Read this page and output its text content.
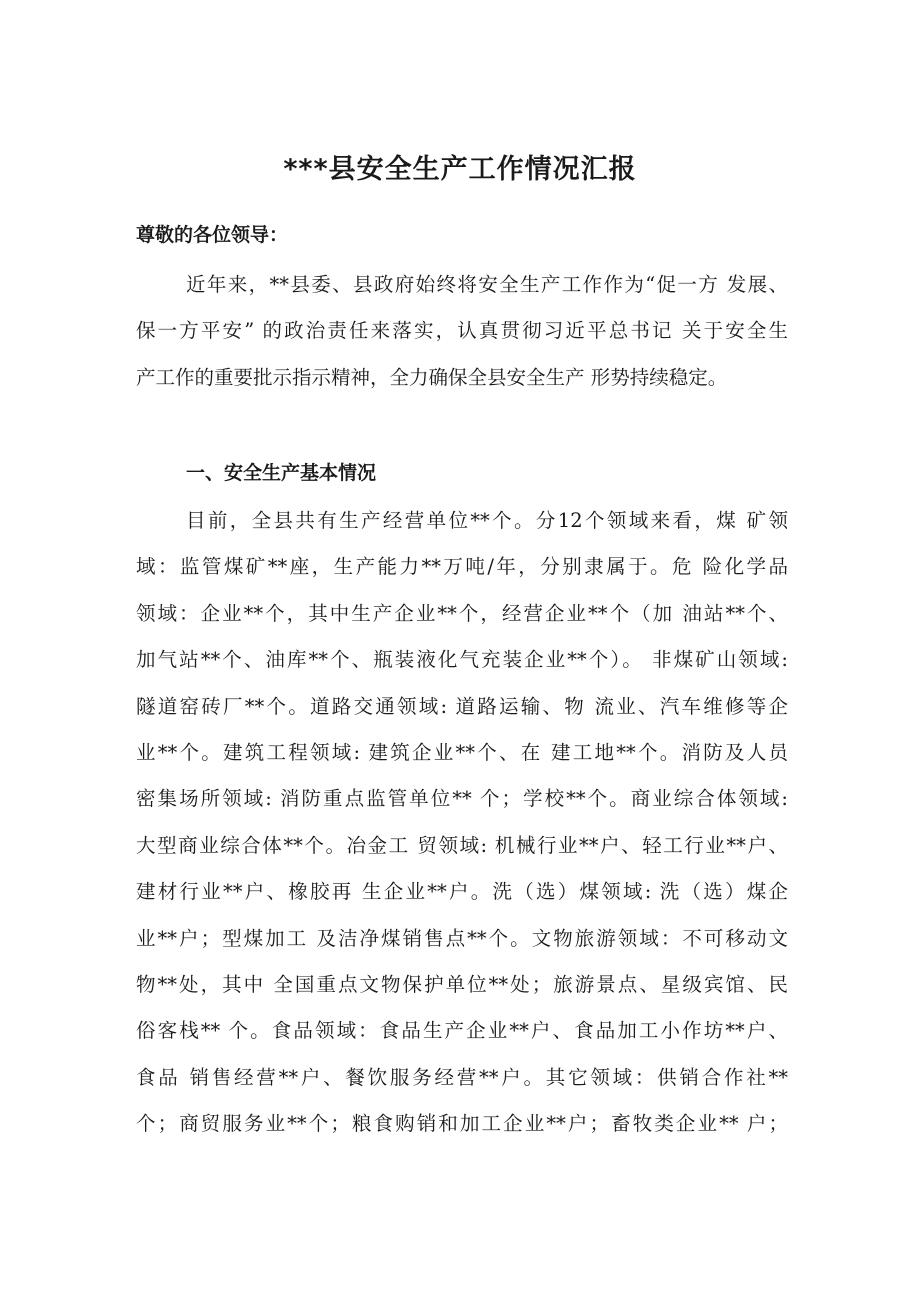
***县安全生产工作情况汇报
尊敬的各位领导：
近年来，**县委、县政府始终将安全生产工作作为“促一方 发展、
保一方平安” 的政治责任来落实，认真贯彻习近平总书记 关于安全生
产工作的重要批示指示精神，全力确保全县安全生产 形势持续稳定。
一、安全生产基本情况
目前，全县共有生产经营单位**个。分12个领域来看，煤 矿领
域：监管煤矿**座，生产能力**万吨/年，分别隶属于。危 险化学品
领域：企业**个，其中生产企业**个，经营企业**个（加 油站**个、
加气站**个、油库**个、瓶装液化气充装企业**个）。 非煤矿山领域:
隧道窑砖厂**个。道路交通领域: 道路运输、物 流业、汽车维修等企
业**个。建筑工程领域: 建筑企业**个、在 建工地**个。消防及人员
密集场所领域: 消防重点监管单位** 个；学校**个。商业综合体领域:
大型商业综合体**个。冶金工 贸领域: 机械行业**户、轻工行业**户、
建材行业**户、橡胶再 生企业**户。洗（选）煤领域: 洗（选）煤企
业**户；型煤加工 及洁净煤销售点**个。文物旅游领域：不可移动文
物**处，其中 全国重点文物保护单位**处；旅游景点、星级宾馆、民
俗客栈** 个。食品领域：食品生产企业**户、食品加工小作坊**户、
食品 销售经营**户、餐饮服务经营**户。其它领域：供销合作社**
个；商贸服务业**个；粮食购销和加工企业**户；畜牧类企业** 户；
